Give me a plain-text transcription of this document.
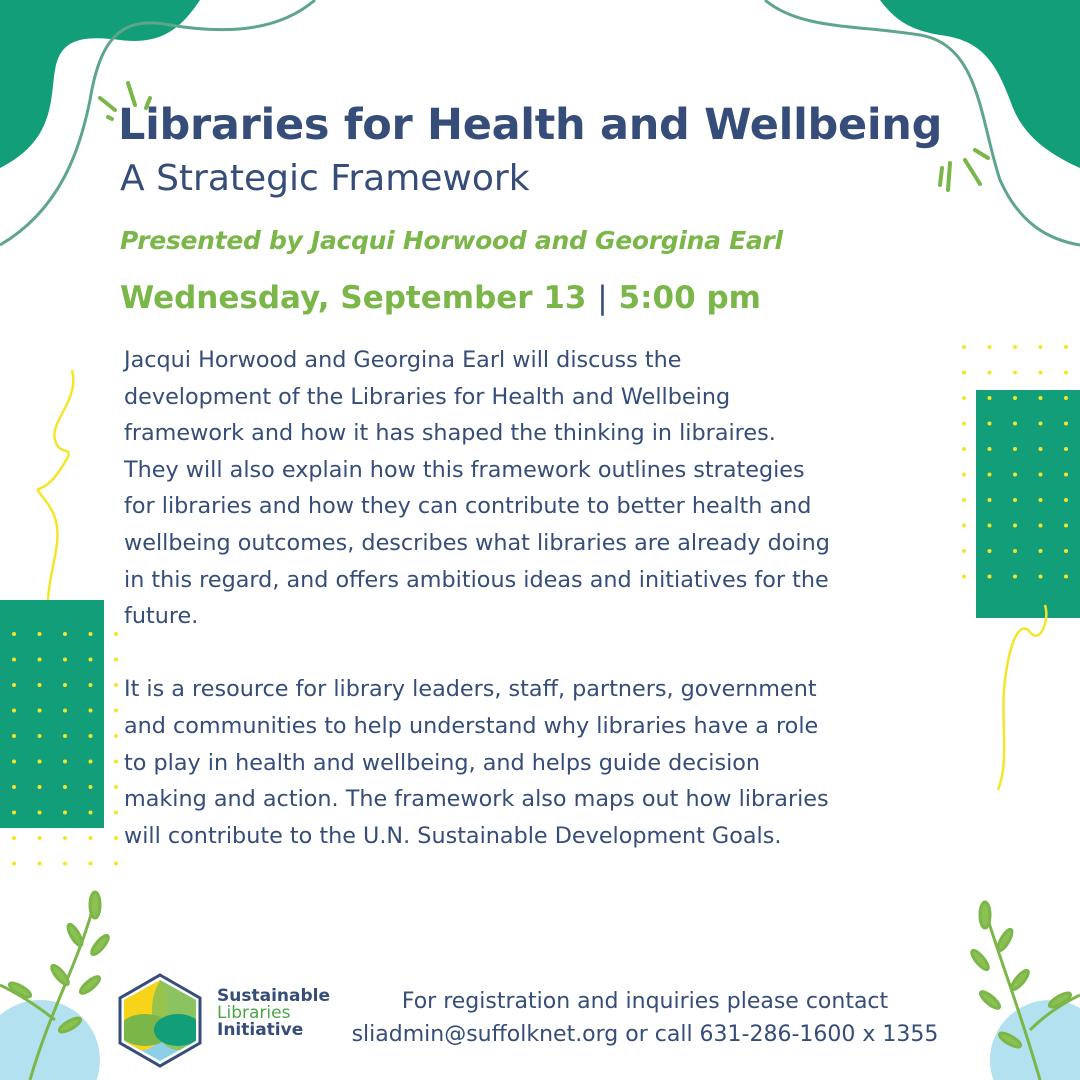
Libraries for Health and Wellbeing
A Strategic Framework
Presented by Jacqui Horwood and Georgina Earl
Wednesday, September 13 | 5:00 pm
Jacqui Horwood and Georgina Earl will discuss the
development of the Libraries for Health and Wellbeing
framework and how it has shaped the thinking in libraires.
They will also explain how this framework outlines strategies
for libraries and how they can contribute to better health and
wellbeing outcomes, describes what libraries are already doing
in this regard, and offers ambitious ideas and initiatives for the
future.
It is a resource for library leaders, staff, partners, government
and communities to help understand why libraries have a role
to play in health and wellbeing, and helps guide decision
making and action. The framework also maps out how libraries
will contribute to the U.N. Sustainable Development Goals.
Sustainable
Libraries
Initiative
For registration and inquiries please contact
sliadmin@suffolknet.org or call 631-286-1600 x 1355
